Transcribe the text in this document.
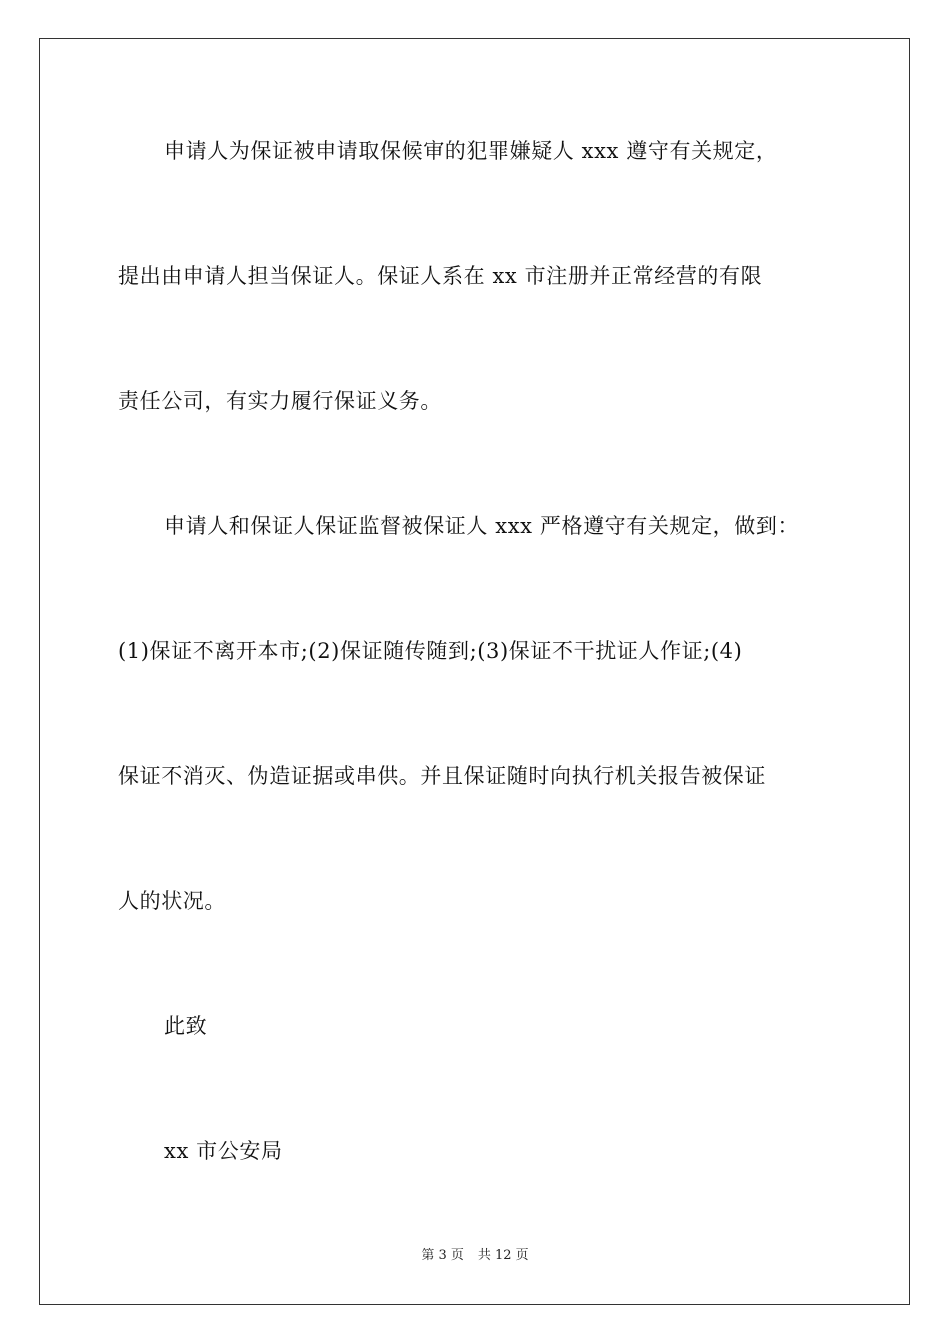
申请人为保证被申请取保候审的犯罪嫌疑人 xxx 遵守有关规定，
提出由申请人担当保证人。保证人系在 xx 市注册并正常经营的有限
责任公司，有实力履行保证义务。
申请人和保证人保证监督被保证人 xxx 严格遵守有关规定，做到：
(1)保证不离开本市;(2)保证随传随到;(3)保证不干扰证人作证;(4)
保证不消灭、伪造证据或串供。并且保证随时向执行机关报告被保证
人的状况。
此致
xx 市公安局
第 3 页 共 12 页
